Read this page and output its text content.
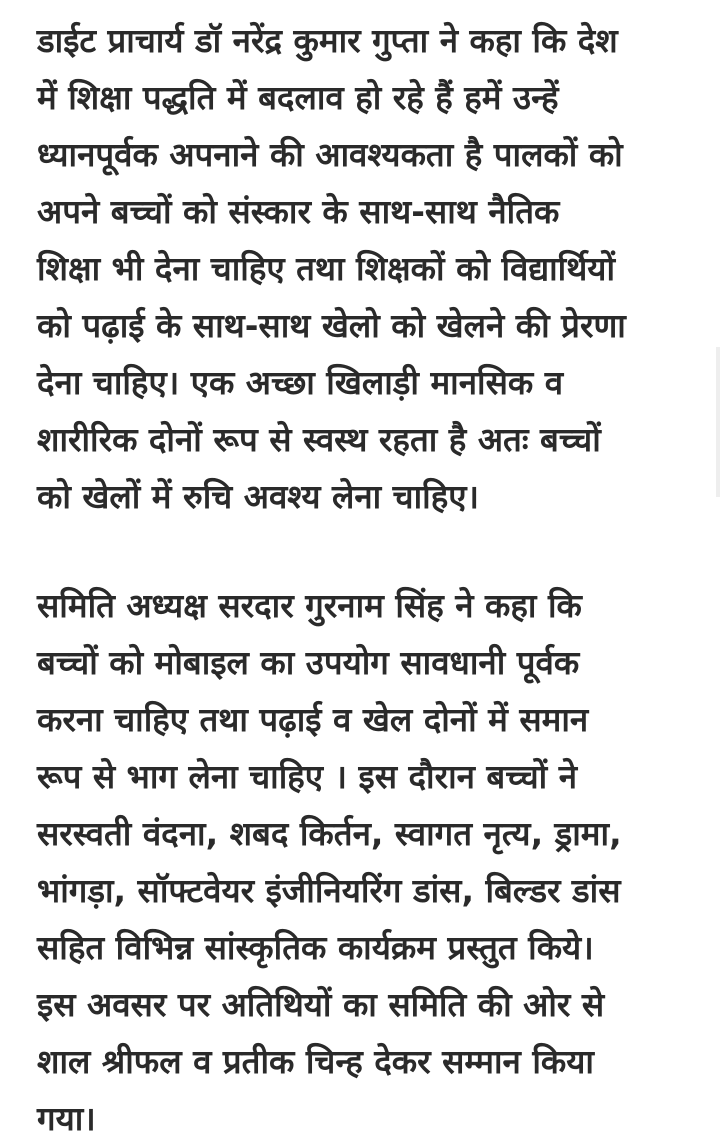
डाईट प्राचार्य डॉ नरेंद्र कुमार गुप्ता ने कहा कि देश
में शिक्षा पद्धति में बदलाव हो रहे हैं हमें उन्हें
ध्यानपूर्वक अपनाने की आवश्यकता है पालकों को
अपने बच्चों को संस्कार के साथ-साथ नैतिक
शिक्षा भी देना चाहिए तथा शिक्षकों को विद्यार्थियों
को पढ़ाई के साथ-साथ खेलो को खेलने की प्रेरणा
देना चाहिए। एक अच्छा खिलाड़ी मानसिक व
शारीरिक दोनों रूप से स्वस्थ रहता है अतः बच्चों
को खेलों में रुचि अवश्य लेना चाहिए।

समिति अध्यक्ष सरदार गुरनाम सिंह ने कहा कि
बच्चों को मोबाइल का उपयोग सावधानी पूर्वक
करना चाहिए तथा पढ़ाई व खेल दोनों में समान
रूप से भाग लेना चाहिए । इस दौरान बच्चों ने
सरस्वती वंदना, शबद किर्तन, स्वागत नृत्य, ड्रामा,
भांगड़ा, सॉफ्टवेयर इंजीनियरिंग डांस, बिल्डर डांस
सहित विभिन्न सांस्कृतिक कार्यक्रम प्रस्तुत किये।
इस अवसर पर अतिथियों का समिति की ओर से
शाल श्रीफल व प्रतीक चिन्ह देकर सम्मान किया
गया।
